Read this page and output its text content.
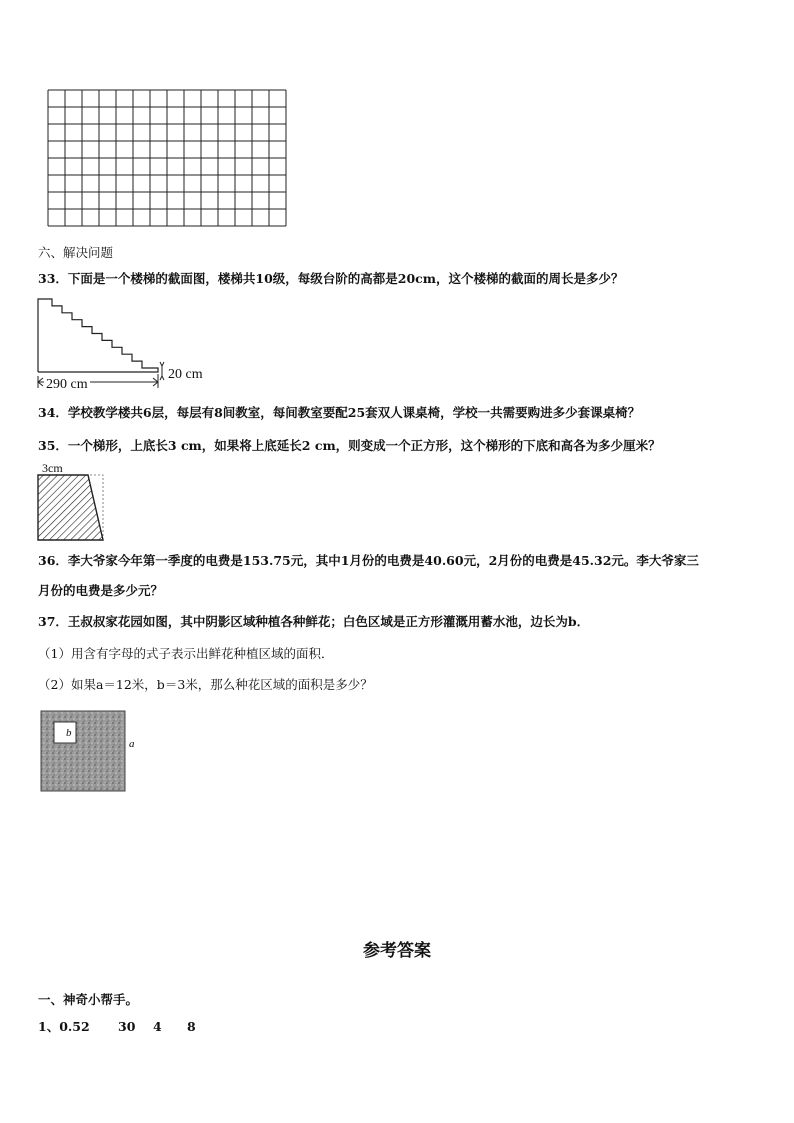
六、解决问题
33．下面是一个楼梯的截面图，楼梯共10级，每级台阶的高都是20cm，这个楼梯的截面的周长是多少？
290 cm
20 cm
34．学校教学楼共6层，每层有8间教室，每间教室要配25套双人课桌椅，学校一共需要购进多少套课桌椅？
35．一个梯形，上底长3 cm，如果将上底延长2 cm，则变成一个正方形，这个梯形的下底和高各为多少厘米？
3cm
36．李大爷家今年第一季度的电费是153.75元，其中1月份的电费是40.60元，2月份的电费是45.32元。李大爷家三
月份的电费是多少元？
37．王叔叔家花园如图，其中阴影区域种植各种鲜花；白色区域是正方形灌溉用蓄水池，边长为b．
（1）用含有字母的式子表示出鲜花种植区域的面积．
（2）如果a＝12米，b＝3米，那么种花区域的面积是多少？
b
a
参考答案
一、神奇小帮手。
1、0.52 30 4 8
